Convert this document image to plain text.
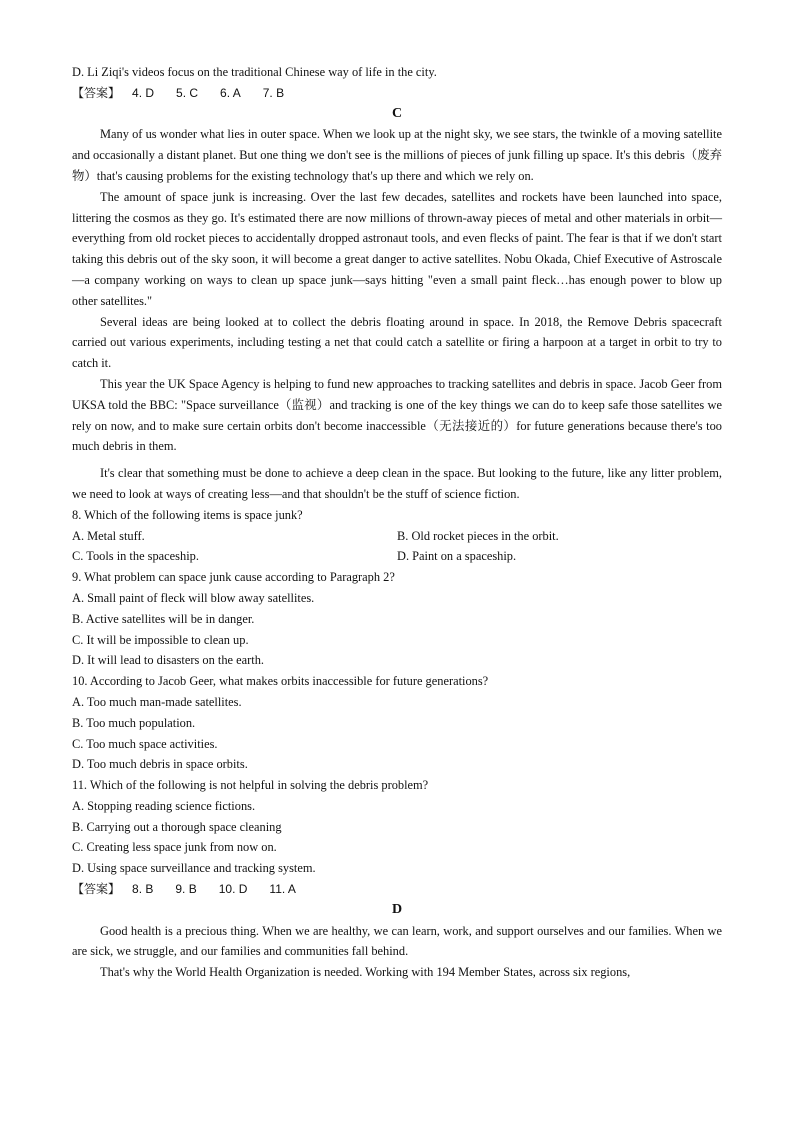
D. Li Ziqi's videos focus on the traditional Chinese way of life in the city.

【答案】 4. D 5. C 6. A 7. B

C

Many of us wonder what lies in outer space. When we look up at the night sky, we see stars, the twinkle of a moving satellite and occasionally a distant planet. But one thing we don't see is the millions of pieces of junk filling up space. It's this debris（废弃物）that's causing problems for the existing technology that's up there and which we rely on.

The amount of space junk is increasing. Over the last few decades, satellites and rockets have been launched into space, littering the cosmos as they go. It's estimated there are now millions of thrown-away pieces of metal and other materials in orbit—everything from old rocket pieces to accidentally dropped astronaut tools, and even flecks of paint. The fear is that if we don't start taking this debris out of the sky soon, it will become a great danger to active satellites. Nobu Okada, Chief Executive of Astroscale—a company working on ways to clean up space junk—says hitting "even a small paint fleck…has enough power to blow up other satellites."

Several ideas are being looked at to collect the debris floating around in space. In 2018, the Remove Debris spacecraft carried out various experiments, including testing a net that could catch a satellite or firing a harpoon at a target in orbit to try to catch it.

This year the UK Space Agency is helping to fund new approaches to tracking satellites and debris in space. Jacob Geer from UKSA told the BBC: "Space surveillance（监视）and tracking is one of the key things we can do to keep safe those satellites we rely on now, and to make sure certain orbits don't become inaccessible（无法接近的）for future generations because there's too much debris in them.

It's clear that something must be done to achieve a deep clean in the space. But looking to the future, like any litter problem, we need to look at ways of creating less—and that shouldn't be the stuff of science fiction.

8. Which of the following items is space junk?

A. Metal stuff.	B. Old rocket pieces in the orbit.

C. Tools in the spaceship.	D. Paint on a spaceship.

9. What problem can space junk cause according to Paragraph 2?

A. Small paint of fleck will blow away satellites.

B. Active satellites will be in danger.

C. It will be impossible to clean up.

D. It will lead to disasters on the earth.

10. According to Jacob Geer, what makes orbits inaccessible for future generations?

A. Too much man-made satellites.

B. Too much population.

C. Too much space activities.

D. Too much debris in space orbits.

11. Which of the following is not helpful in solving the debris problem?

A. Stopping reading science fictions.

B. Carrying out a thorough space cleaning

C. Creating less space junk from now on.

D. Using space surveillance and tracking system.

【答案】 8. B 9. B 10. D 11. A

D

Good health is a precious thing. When we are healthy, we can learn, work, and support ourselves and our families. When we are sick, we struggle, and our families and communities fall behind.

That's why the World Health Organization is needed. Working with 194 Member States, across six regions,
